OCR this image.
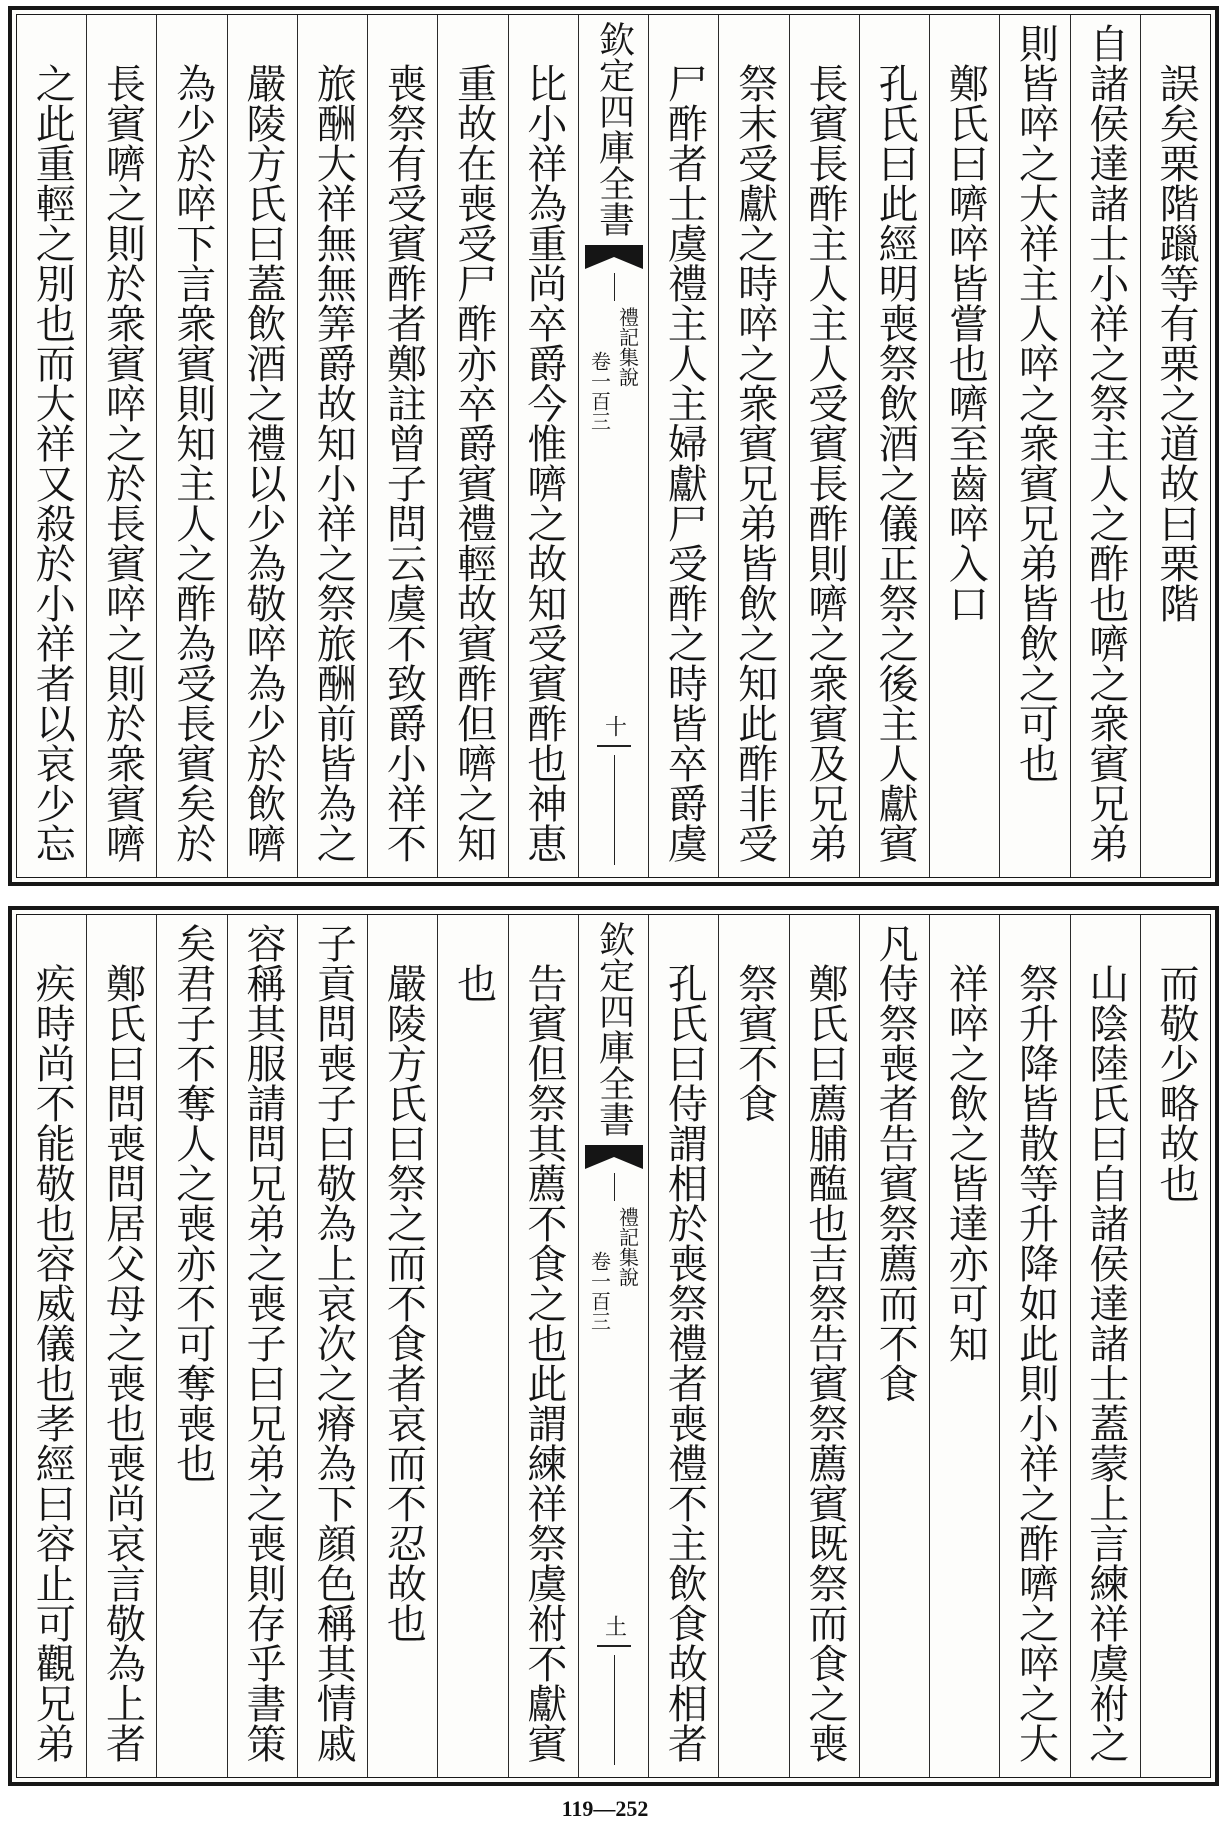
誤矣栗階躐等有栗之道故曰栗階
自諸侯達諸士小祥之祭主人之酢也嚌之衆賓兄弟
則皆啐之大祥主人啐之衆賓兄弟皆飲之可也
鄭氏曰嚌啐皆嘗也嚌至齒啐入口
孔氏曰此經明喪祭飲酒之儀正祭之後主人獻賓
長賓長酢主人主人受賓長酢則嚌之衆賓及兄弟
祭末受獻之時啐之衆賓兄弟皆飲之知此酢非受
尸酢者士虞禮主人主婦獻尸受酢之時皆卒爵虞
欽定四庫全書
禮記集說
卷一百三
十
比小祥為重尚卒爵今惟嚌之故知受賓酢也神恵
重故在喪受尸酢亦卒爵賓禮輕故賓酢但嚌之知
喪祭有受賓酢者鄭註曾子問云虞不致爵小祥不
旅酬大祥無無筭爵故知小祥之祭旅酬前皆為之
嚴陵方氏曰蓋飲酒之禮以少為敬啐為少於飲嚌
為少於啐下言衆賓則知主人之酢為受長賓矣於
長賓嚌之則於衆賓啐之於長賓啐之則於衆賓嚌
之此重輕之別也而大祥又殺於小祥者以哀少忘
而敬少略故也
山陰陸氏曰自諸侯達諸士蓋蒙上言練祥虞祔之
祭升降皆散等升降如此則小祥之酢嚌之啐之大
祥啐之飲之皆達亦可知
凡侍祭喪者告賓祭薦而不食
鄭氏曰薦脯醢也吉祭告賓祭薦賓既祭而食之喪
祭賓不食
孔氏曰侍謂相於喪祭禮者喪禮不主飲食故相者
欽定四庫全書
禮記集說
卷一百三
土
告賓但祭其薦不食之也此謂練祥祭虞祔不獻賓
也
嚴陵方氏曰祭之而不食者哀而不忍故也
子貢問喪子曰敬為上哀次之瘠為下顔色稱其情戚
容稱其服請問兄弟之喪子曰兄弟之喪則存乎書策
矣君子不奪人之喪亦不可奪喪也
鄭氏曰問喪問居父母之喪也喪尚哀言敬為上者
疾時尚不能敬也容威儀也孝經曰容止可觀兄弟
119—252
